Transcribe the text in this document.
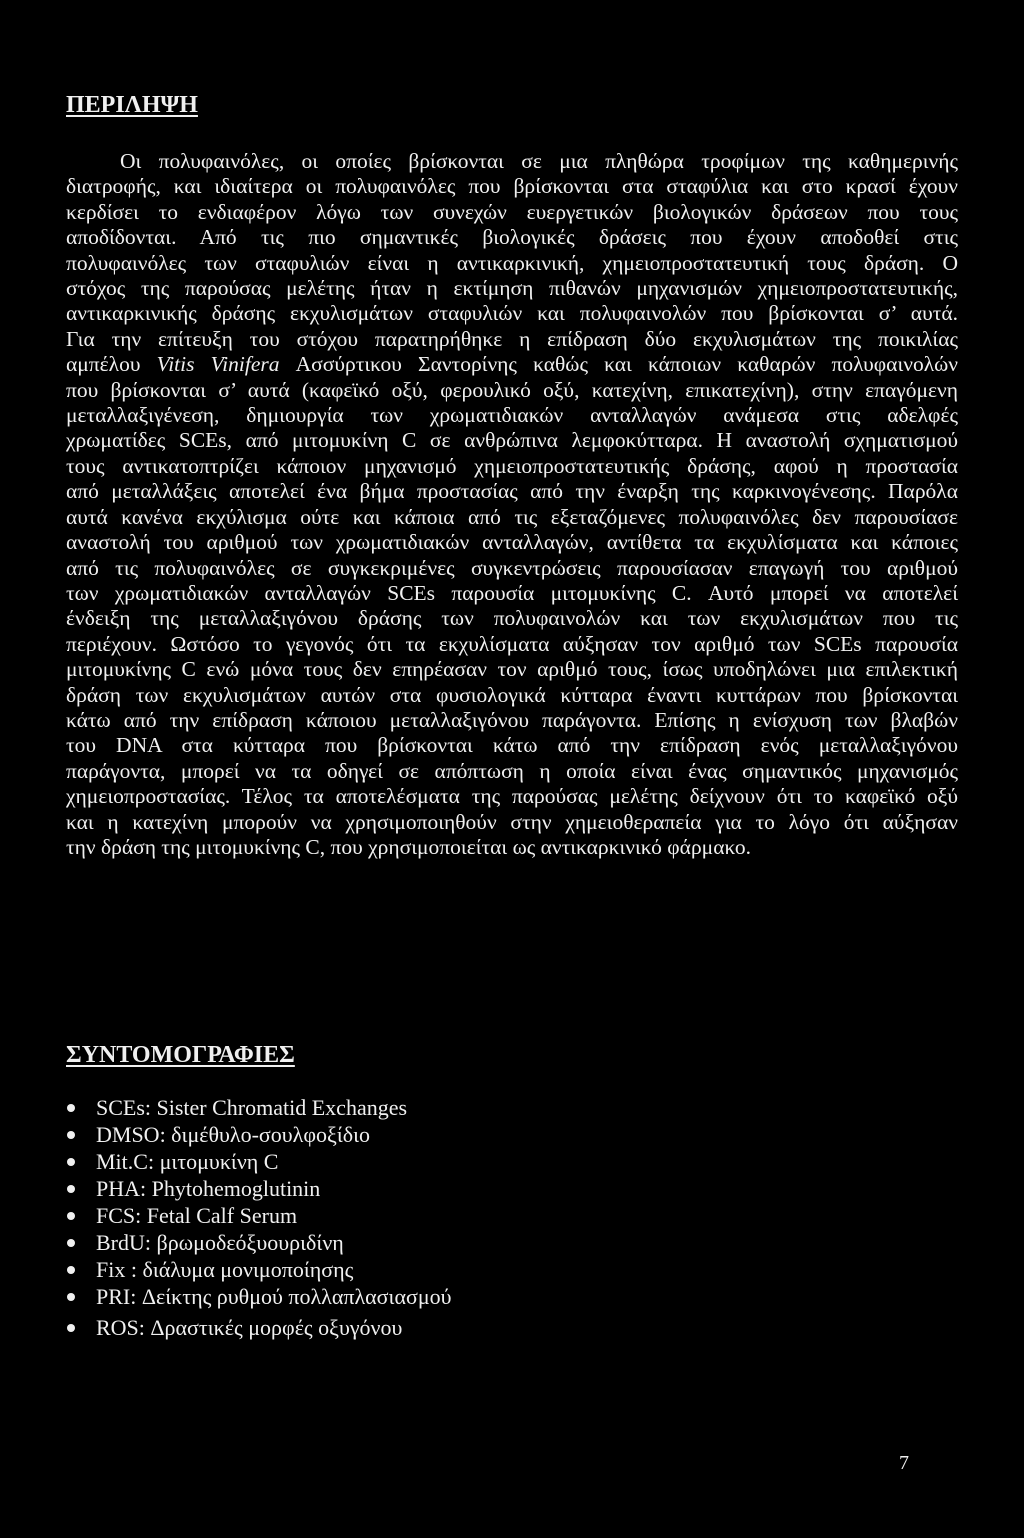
ΠΕΡΙΛΗΨΗ
Οι πολυφαινόλες, οι οποίες βρίσκονται σε μια πληθώρα τροφίμων της καθημερινής
διατροφής, και ιδιαίτερα οι πολυφαινόλες που βρίσκονται στα σταφύλια και στο κρασί έχουν
κερδίσει το ενδιαφέρον λόγω των συνεχών ευεργετικών βιολογικών δράσεων που τους
αποδίδονται. Από τις πιο σημαντικές βιολογικές δράσεις που έχουν αποδοθεί στις
πολυφαινόλες των σταφυλιών είναι η αντικαρκινική, χημειοπροστατευτική τους δράση. Ο
στόχος της παρούσας μελέτης ήταν η εκτίμηση πιθανών μηχανισμών χημειοπροστατευτικής,
αντικαρκινικής δράσης εκχυλισμάτων σταφυλιών και πολυφαινολών που βρίσκονται σ’ αυτά.
Για την επίτευξη του στόχου παρατηρήθηκε η επίδραση δύο εκχυλισμάτων της ποικιλίας
αμπέλου Vitis Vinifera Ασσύρτικου Σαντορίνης καθώς και κάποιων καθαρών πολυφαινολών
που βρίσκονται σ’ αυτά (καφεϊκό οξύ, φερουλικό οξύ, κατεχίνη, επικατεχίνη), στην επαγόμενη
μεταλλαξιγένεση, δημιουργία των χρωματιδιακών ανταλλαγών ανάμεσα στις αδελφές
χρωματίδες SCEs, από μιτομυκίνη C σε ανθρώπινα λεμφοκύτταρα. Η αναστολή σχηματισμού
τους αντικατοπτρίζει κάποιον μηχανισμό χημειοπροστατευτικής δράσης, αφού η προστασία
από μεταλλάξεις αποτελεί ένα βήμα προστασίας από την έναρξη της καρκινογένεσης. Παρόλα
αυτά κανένα εκχύλισμα ούτε και κάποια από τις εξεταζόμενες πολυφαινόλες δεν παρουσίασε
αναστολή του αριθμού των χρωματιδιακών ανταλλαγών, αντίθετα τα εκχυλίσματα και κάποιες
από τις πολυφαινόλες σε συγκεκριμένες συγκεντρώσεις παρουσίασαν επαγωγή του αριθμού
των χρωματιδιακών ανταλλαγών SCEs παρουσία μιτομυκίνης C. Αυτό μπορεί να αποτελεί
ένδειξη της μεταλλαξιγόνου δράσης των πολυφαινολών και των εκχυλισμάτων που τις
περιέχουν. Ωστόσο το γεγονός ότι τα εκχυλίσματα αύξησαν τον αριθμό των SCEs παρουσία
μιτομυκίνης C ενώ μόνα τους δεν επηρέασαν τον αριθμό τους, ίσως υποδηλώνει μια επιλεκτική
δράση των εκχυλισμάτων αυτών στα φυσιολογικά κύτταρα έναντι κυττάρων που βρίσκονται
κάτω από την επίδραση κάποιου μεταλλαξιγόνου παράγοντα. Επίσης η ενίσχυση των βλαβών
του DNA στα κύτταρα που βρίσκονται κάτω από την επίδραση ενός μεταλλαξιγόνου
παράγοντα, μπορεί να τα οδηγεί σε απόπτωση η οποία είναι ένας σημαντικός μηχανισμός
χημειοπροστασίας. Τέλος τα αποτελέσματα της παρούσας μελέτης δείχνουν ότι το καφεϊκό οξύ
και η κατεχίνη μπορούν να χρησιμοποιηθούν στην χημειοθεραπεία για το λόγο ότι αύξησαν
την δράση της μιτομυκίνης C, που χρησιμοποιείται ως αντικαρκινικό φάρμακο.
ΣΥΝΤΟΜΟΓΡΑΦΙΕΣ
SCEs: Sister Chromatid Exchanges
DMSO: διμέθυλο-σουλφοξίδιο
Mit.C: μιτομυκίνη C
PHA: Phytohemoglutinin
FCS: Fetal Calf Serum
BrdU: βρωμοδεόξυουριδίνη
Fix : διάλυμα μονιμοποίησης
PRI: Δείκτης ρυθμού πολλαπλασιασμού
ROS: Δραστικές μορφές οξυγόνου
7
